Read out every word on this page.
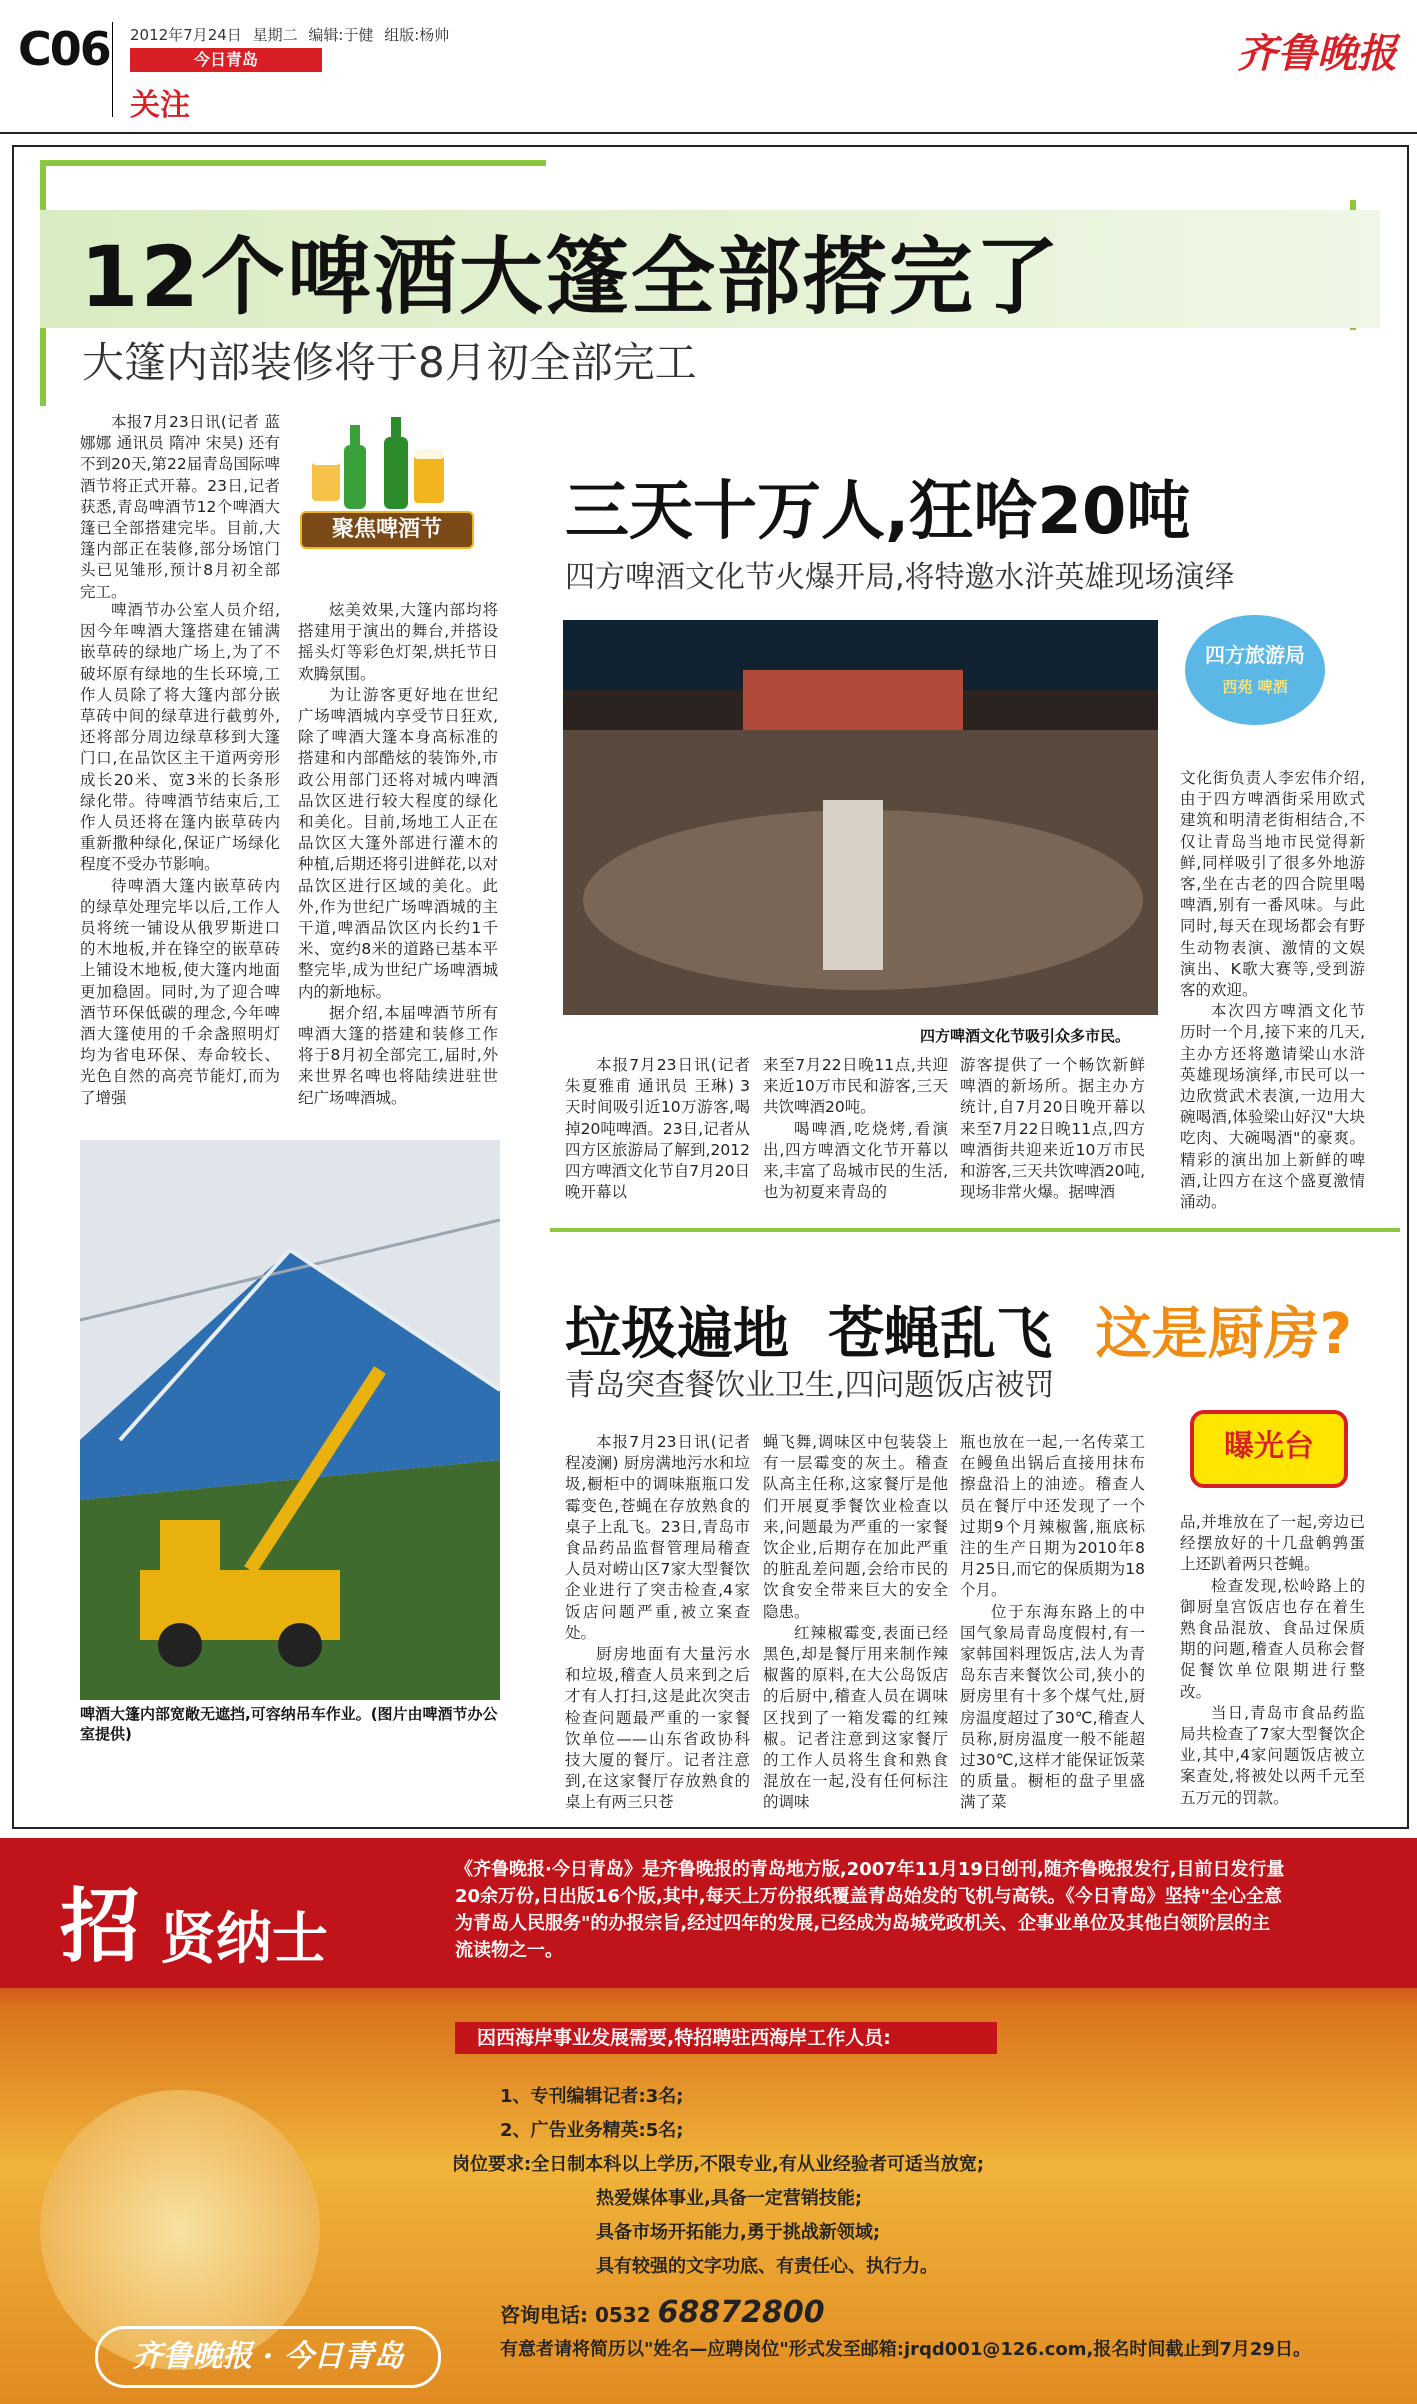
C06 2012年7月24日 星期二 编辑:于健 组版:杨帅
今日青岛
关注
齐鲁晚报
12个啤酒大篷全部搭完了
大篷内部装修将于8月初全部完工

本报7月23日讯(记者 蓝娜娜 通讯员 隋冲 宋昊) 还有不到20天,第22届青岛国际啤酒节将正式开幕。23日,记者获悉,青岛啤酒节12个啤酒大篷已全部搭建完毕。目前,大篷内部正在装修,部分场馆门头已见雏形,预计8月初全部完工。

聚焦啤酒节

啤酒节办公室人员介绍,因今年啤酒大篷搭建在铺满嵌草砖的绿地广场上,为了不破坏原有绿地的生长环境,工作人员除了将大篷内部分嵌草砖中间的绿草进行截剪外,还将部分周边绿草移到大篷门口,在品饮区主干道两旁形成长20米、宽3米的长条形绿化带。待啤酒节结束后,工作人员还将在篷内嵌草砖内重新撒种绿化,保证广场绿化程度不受办节影响。

待啤酒大篷内嵌草砖内的绿草处理完毕以后,工作人员将统一铺设从俄罗斯进口的木地板,并在锋空的嵌草砖上铺设木地板,使大篷内地面更加稳固。同时,为了迎合啤酒节环保低碳的理念,今年啤酒大篷使用的千余盏照明灯均为省电环保、寿命较长、光色自然的高亮节能灯,而为了增强

炫美效果,大篷内部均将搭建用于演出的舞台,并搭设摇头灯等彩色灯架,烘托节日欢腾氛围。

为让游客更好地在世纪广场啤酒城内享受节日狂欢,除了啤酒大篷本身高标准的搭建和内部酷炫的装饰外,市政公用部门还将对城内啤酒品饮区进行较大程度的绿化和美化。目前,场地工人正在品饮区大篷外部进行灌木的种植,后期还将引进鲜花,以对品饮区进行区域的美化。此外,作为世纪广场啤酒城的主干道,啤酒品饮区内长约1千米、宽约8米的道路已基本平整完毕,成为世纪广场啤酒城内的新地标。

据介绍,本届啤酒节所有啤酒大篷的搭建和装修工作将于8月初全部完工,届时,外来世界名啤也将陆续进驻世纪广场啤酒城。

啤酒大篷内部宽敞无遮挡,可容纳吊车作业。(图片由啤酒节办公室提供)
三天十万人,狂哈20吨
四方啤酒文化节火爆开局,将特邀水浒英雄现场演绎
四方啤酒文化节吸引众多市民。
四方旅游局
西苑 啤酒

本报7月23日讯(记者 朱夏雅甫 通讯员 王琳) 3天时间吸引近10万游客,喝掉20吨啤酒。23日,记者从四方区旅游局了解到,2012四方啤酒文化节自7月20日晚开幕以

来至7月22日晚11点,共迎来近10万市民和游客,三天共饮啤酒20吨。

喝啤酒,吃烧烤,看演出,四方啤酒文化节开幕以来,丰富了岛城市民的生活,也为初夏来青岛的

游客提供了一个畅饮新鲜啤酒的新场所。据主办方统计,自7月20日晚开幕以来至7月22日晚11点,四方啤酒街共迎来近10万市民和游客,三天共饮啤酒20吨,现场非常火爆。据啤酒

文化街负责人李宏伟介绍,由于四方啤酒街采用欧式建筑和明清老街相结合,不仅让青岛当地市民觉得新鲜,同样吸引了很多外地游客,坐在古老的四合院里喝啤酒,别有一番风味。与此同时,每天在现场都会有野生动物表演、激情的文娱演出、K歌大赛等,受到游客的欢迎。

本次四方啤酒文化节历时一个月,接下来的几天,主办方还将邀请梁山水浒英雄现场演绎,市民可以一边欣赏武术表演,一边用大碗喝酒,体验梁山好汉"大块吃肉、大碗喝酒"的豪爽。精彩的演出加上新鲜的啤酒,让四方在这个盛夏激情涌动。

垃圾遍地  苍蝇乱飞 这是厨房?
青岛突查餐饮业卫生,四问题饭店被罚
曝光台

本报7月23日讯(记者 程凌澜) 厨房满地污水和垃圾,橱柜中的调味瓶瓶口发霉变色,苍蝇在存放熟食的桌子上乱飞。23日,青岛市食品药品监督管理局稽查人员对崂山区7家大型餐饮企业进行了突击检查,4家饭店问题严重,被立案查处。

厨房地面有大量污水和垃圾,稽查人员来到之后才有人打扫,这是此次突击检查问题最严重的一家餐饮单位——山东省政协科技大厦的餐厅。记者注意到,在这家餐厅存放熟食的桌上有两三只苍

蝇飞舞,调味区中包装袋上有一层霉变的灰土。稽查队高主任称,这家餐厅是他们开展夏季餐饮业检查以来,问题最为严重的一家餐饮企业,后期存在加此严重的脏乱差问题,会给市民的饮食安全带来巨大的安全隐患。

红辣椒霉变,表面已经黑色,却是餐厅用来制作辣椒酱的原料,在大公岛饭店的后厨中,稽查人员在调味区找到了一箱发霉的红辣椒。记者注意到这家餐厅的工作人员将生食和熟食混放在一起,没有任何标注的调味

瓶也放在一起,一名传菜工在鳗鱼出锅后直接用抹布擦盘沿上的油迹。稽查人员在餐厅中还发现了一个过期9个月辣椒酱,瓶底标注的生产日期为2010年8月25日,而它的保质期为18个月。

位于东海东路上的中国气象局青岛度假村,有一家韩国料理饭店,法人为青岛东吉来餐饮公司,狭小的厨房里有十多个煤气灶,厨房温度超过了30℃,稽查人员称,厨房温度一般不能超过30℃,这样才能保证饭菜的质量。橱柜的盘子里盛满了菜

品,并堆放在了一起,旁边已经摆放好的十几盘鹌鹑蛋上还趴着两只苍蝇。

检查发现,松岭路上的御厨皇宫饭店也存在着生熟食品混放、食品过保质期的问题,稽查人员称会督促餐饮单位限期进行整改。

当日,青岛市食品药监局共检查了7家大型餐饮企业,其中,4家问题饭店被立案查处,将被处以两千元至五万元的罚款。

招 贤纳士
《齐鲁晚报·今日青岛》是齐鲁晚报的青岛地方版,2007年11月19日创刊,随齐鲁晚报发行,目前日发行量20余万份,日出版16个版,其中,每天上万份报纸覆盖青岛始发的飞机与高铁。《今日青岛》坚持"全心全意为青岛人民服务"的办报宗旨,经过四年的发展,已经成为岛城党政机关、企事业单位及其他白领阶层的主流读物之一。
因西海岸事业发展需要,特招聘驻西海岸工作人员:
1、专刊编辑记者:3名;
2、广告业务精英:5名;
岗位要求:全日制本科以上学历,不限专业,有从业经验者可适当放宽;
热爱媒体事业,具备一定营销技能;
具备市场开拓能力,勇于挑战新领域;
具有较强的文字功底、有责任心、执行力。
咨询电话: 0532 68872800
有意者请将简历以"姓名—应聘岗位"形式发至邮箱:jrqd001@126.com,报名时间截止到7月29日。
齐鲁晚报 · 今日青岛
